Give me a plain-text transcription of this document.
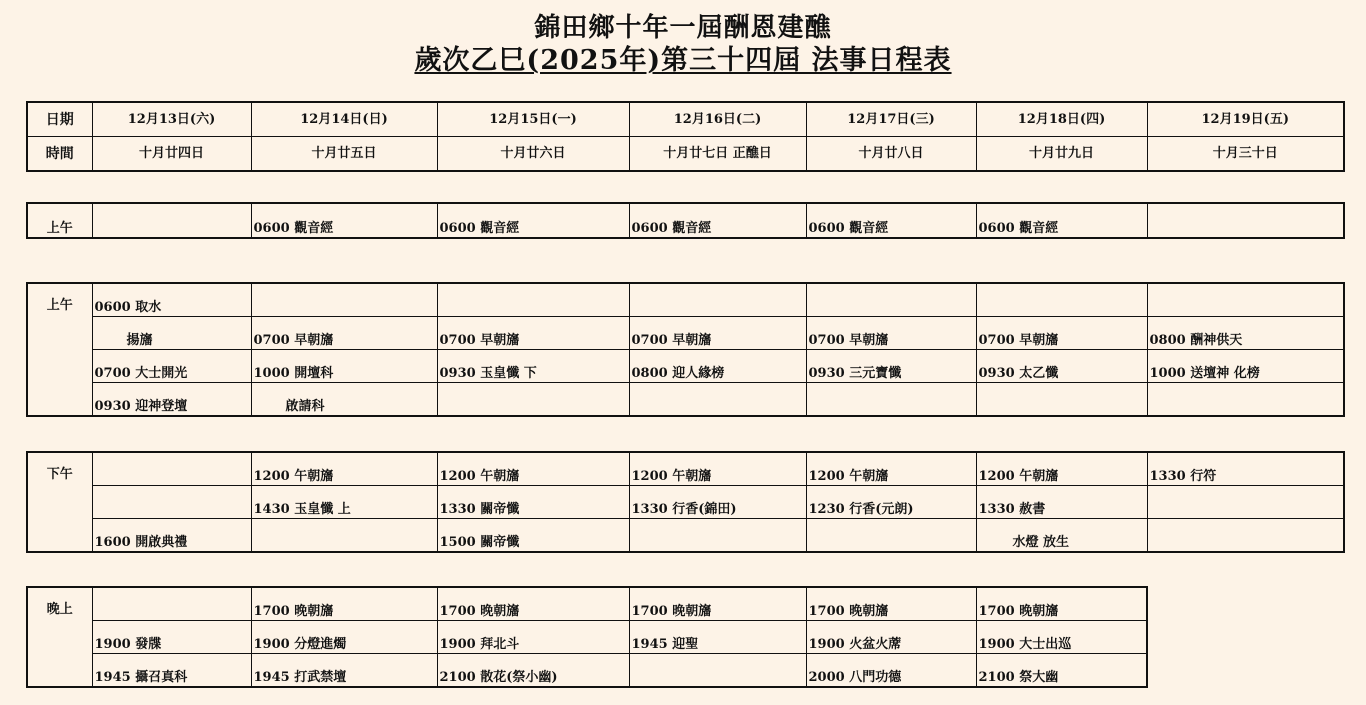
錦田鄉十年一屆酬恩建醮
歲次乙巳(2025年)第三十四屆 法事日程表
日期	12月13日(六)	12月14日(日)	12月15日(一)	12月16日(二)	12月17日(三)	12月18日(四)	12月19日(五)
時間	十月廿四日	十月廿五日	十月廿六日	十月廿七日 正醮日	十月廿八日	十月廿九日	十月三十日
上午		0600 觀音經	0600 觀音經	0600 觀音經	0600 觀音經	0600 觀音經	
上午	0600 取水						
	揚旛	0700 早朝旛	0700 早朝旛	0700 早朝旛	0700 早朝旛	0700 早朝旛	0800 酬神供天
	0700 大士開光	1000 開壇科	0930 玉皇懺 下	0800 迎人緣榜	0930 三元寶懺	0930 太乙懺	1000 送壇神 化榜
	0930 迎神登壇	啟請科					
下午		1200 午朝旛	1200 午朝旛	1200 午朝旛	1200 午朝旛	1200 午朝旛	1330 行符
		1430 玉皇懺 上	1330 關帝懺	1330 行香(錦田)	1230 行香(元朗)	1330 赦書	
	1600 開啟典禮		1500 關帝懺			水燈 放生	
晚上		1700 晚朝旛	1700 晚朝旛	1700 晚朝旛	1700 晚朝旛	1700 晚朝旛
	1900 發牒	1900 分燈進燭	1900 拜北斗	1945 迎聖	1900 火盆火蓆	1900 大士出巡
	1945 攝召真科	1945 打武禁壇	2100 散花(祭小幽)		2000 八門功德	2100 祭大幽
